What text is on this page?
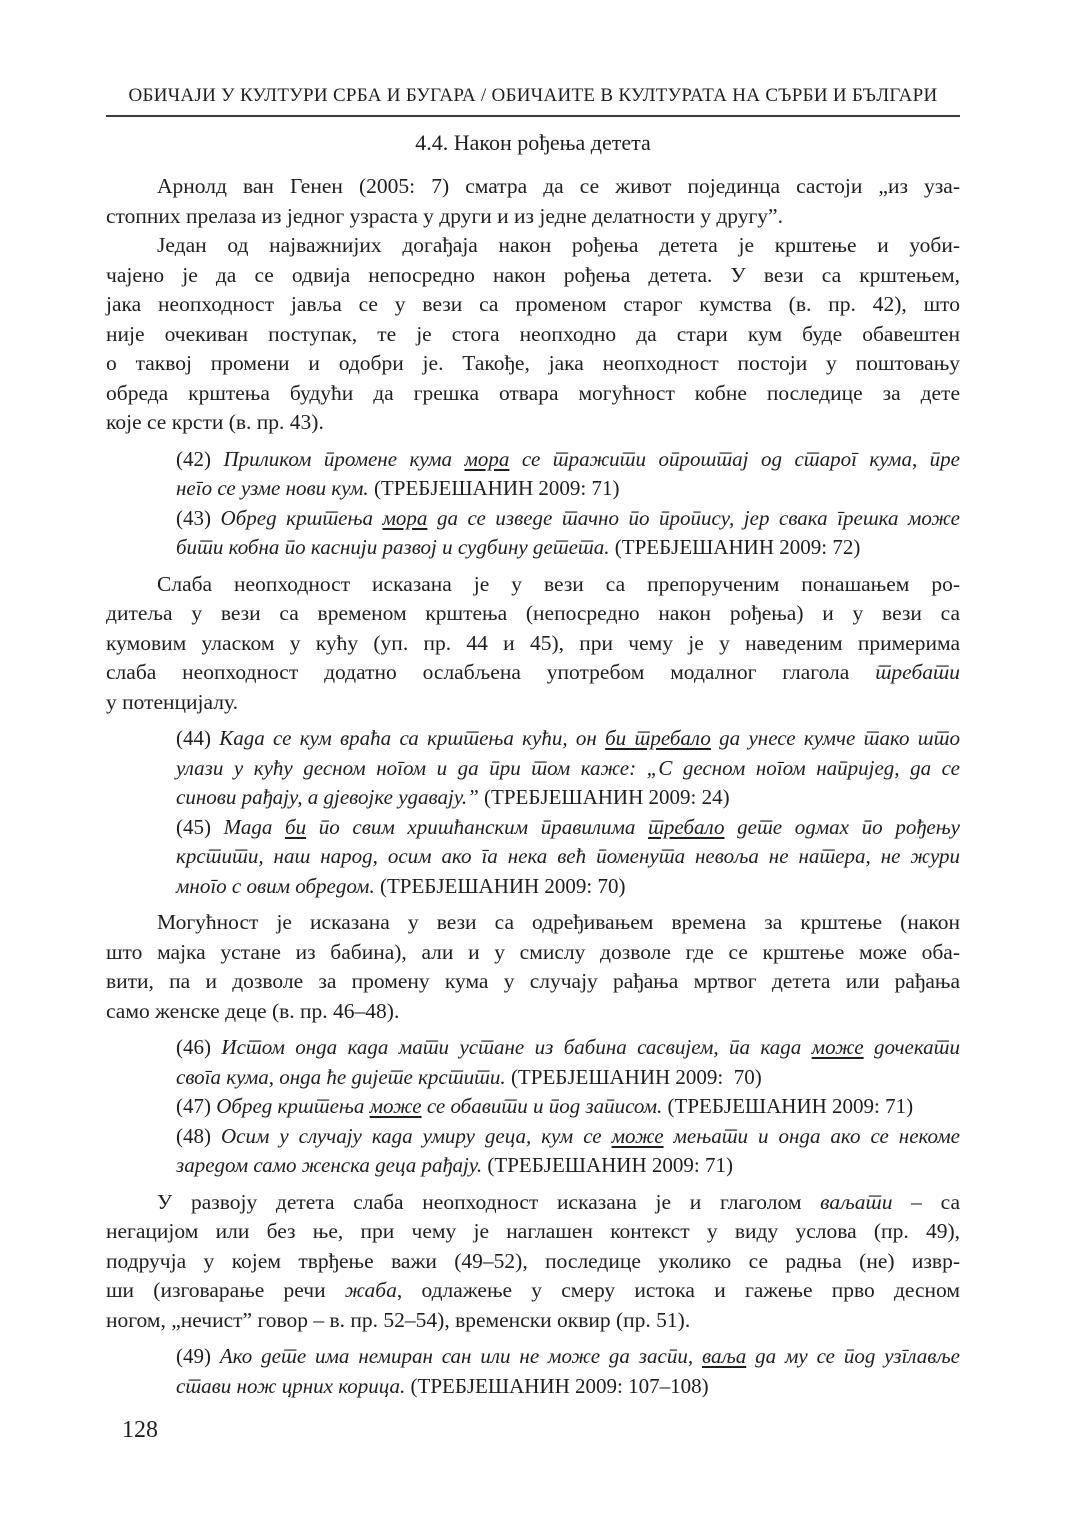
ОБИЧАЈИ У КУЛТУРИ СРБА И БУГАРА / ОБИЧАИТЕ В КУЛТУРАТА НА СЪРБИ И БЪЛГАРИ
4.4. Након рођења детета
Арнолд ван Генен (2005: 7) сматра да се живот појединца састоји „из уза-
стопних прелаза из једног узраста у други и из једне делатности у другу”.
Један од најважнијих догађаја након рођења детета је крштење и уоби-
чајено је да се одвија непосредно након рођења детета. У вези са крштењем,
јака неопходност јавља се у вези са променом старог кумства (в. пр. 42), што
није очекиван поступак, те је стога неопходно да стари кум буде обавештен
о таквој промени и одобри је. Такође, јака неопходност постоји у поштовању
обреда крштења будући да грешка отвара могућност кобне последице за дете
које се крсти (в. пр. 43).
(42) Приликом промене кума мора се тражити опроштај од старог кума, пре
него се узме нови кум. (ТРЕБЈЕШАНИН 2009: 71)
(43) Обред крштења мора да се изведе тачно по пропису, јер свака грешка може
бити кобна по каснији развој и судбину детета. (ТРЕБЈЕШАНИН 2009: 72)
Слаба неопходност исказана је у вези са препорученим понашањем ро-
дитеља у вези са временом крштења (непосредно након рођења) и у вези са
кумовим уласком у кућу (уп. пр. 44 и 45), при чему је у наведеним примерима
слаба неопходност додатно ослабљена употребом модалног глагола требати
у потенцијалу.
(44) Када се кум враћа са крштења кући, он би требало да унесе кумче тако што
улази у кућу десном ногом и да при том каже: „С десном ногом напријед, да се
синови рађају, а дјевојке удавају.” (ТРЕБЈЕШАНИН 2009: 24)
(45) Мада би по свим хришћанским правилима требало дете одмах по рођењу
крстити, наш народ, осим ако га нека већ поменута невоља не натера, не жури
много с овим обредом. (ТРЕБЈЕШАНИН 2009: 70)
Могућност је исказана у вези са одређивањем времена за крштење (након
што мајка устане из бабина), али и у смислу дозволе где се крштење може оба-
вити, па и дозволе за промену кума у случају рађања мртвог детета или рађања
само женске деце (в. пр. 46–48).
(46) Истом онда када мати устане из бабина сасвијем, па када може дочекати
свога кума, онда ће дијете крстити. (ТРЕБЈЕШАНИН 2009:  70)
(47) Обред крштења може се обавити и под записом. (ТРЕБЈЕШАНИН 2009: 71)
(48) Осим у случају када умиру деца, кум се може мењати и онда ако се некоме
заредом само женска деца рађају. (ТРЕБЈЕШАНИН 2009: 71)
У развоју детета слаба неопходност исказана је и глаголом ваљати – са
негацијом или без ње, при чему је наглашен контекст у виду услова (пр. 49),
подручја у којем тврђење важи (49–52), последице уколико се радња (не) извр-
ши (изговарање речи жаба, одлажење у смеру истока и гажење прво десном
ногом, „нечист” говор – в. пр. 52–54), временски оквир (пр. 51).
(49) Ако дете има немиран сан или не може да заспи, ваља да му се под узглавље
стави нож црних корица. (ТРЕБЈЕШАНИН 2009: 107–108)
128
